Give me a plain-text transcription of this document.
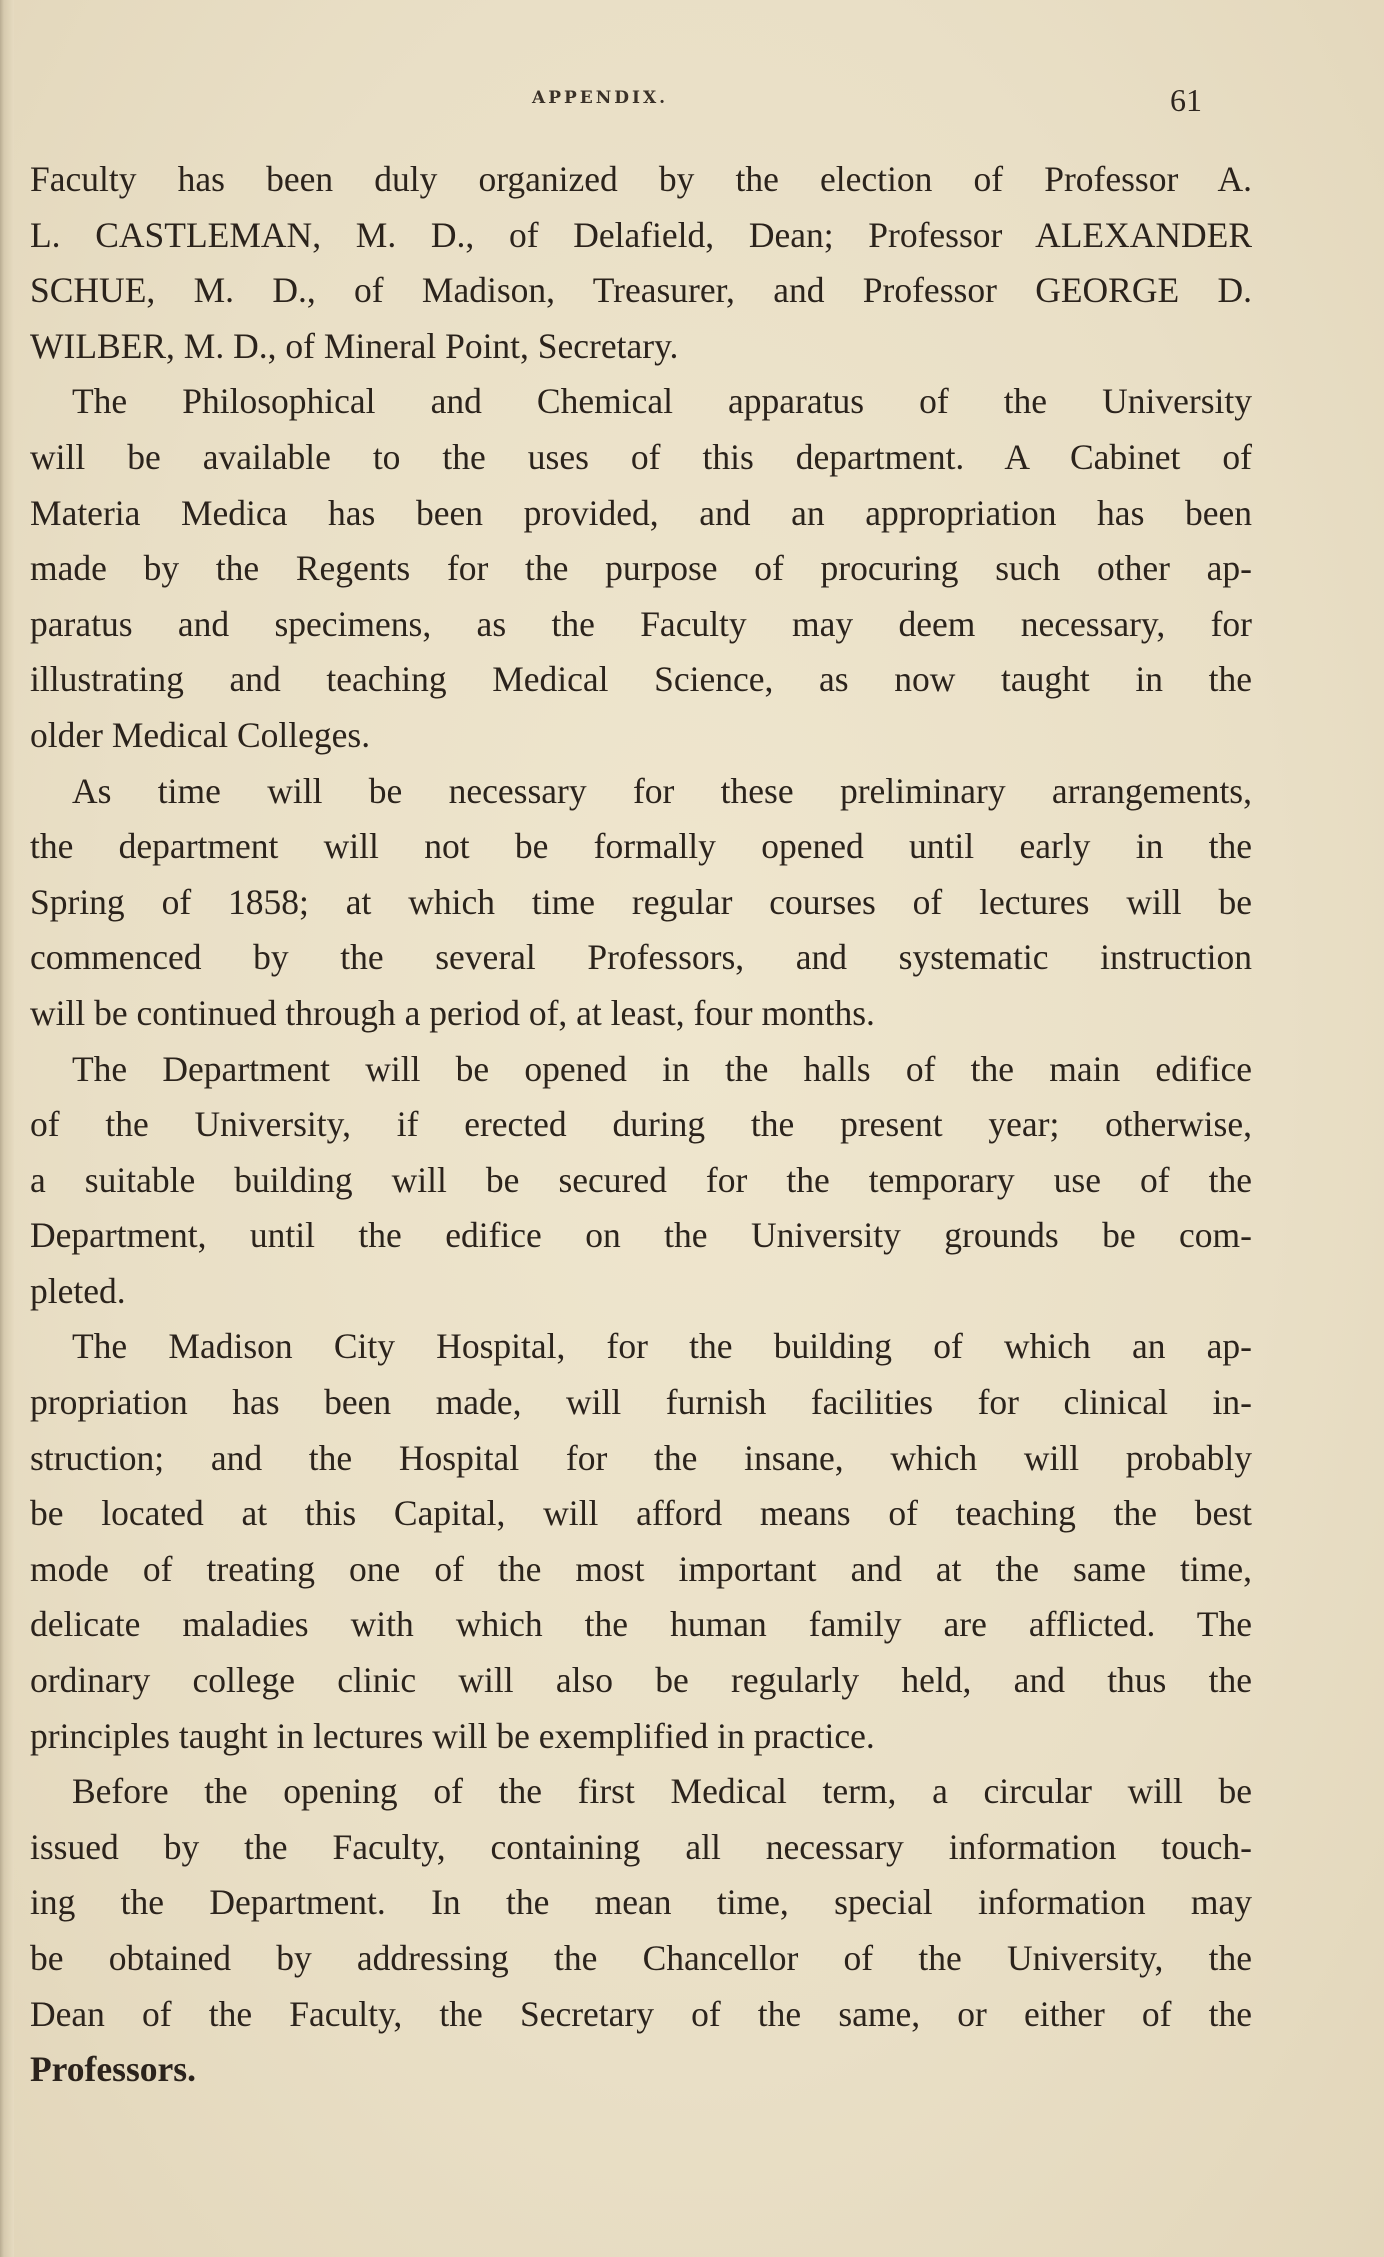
APPENDIX.	61
Faculty has been duly organized by the election of Professor A.
L. CASTLEMAN, M. D., of Delafield, Dean; Professor ALEXANDER
SCHUE, M. D., of Madison, Treasurer, and Professor GEORGE D.
WILBER, M. D., of Mineral Point, Secretary.
The Philosophical and Chemical apparatus of the University
will be available to the uses of this department. A Cabinet of
Materia Medica has been provided, and an appropriation has been
made by the Regents for the purpose of procuring such other ap-
paratus and specimens, as the Faculty may deem necessary, for
illustrating and teaching Medical Science, as now taught in the
older Medical Colleges.
As time will be necessary for these preliminary arrangements,
the department will not be formally opened until early in the
Spring of 1858; at which time regular courses of lectures will be
commenced by the several Professors, and systematic instruction
will be continued through a period of, at least, four months.
The Department will be opened in the halls of the main edifice
of the University, if erected during the present year; otherwise,
a suitable building will be secured for the temporary use of the
Department, until the edifice on the University grounds be com-
pleted.
The Madison City Hospital, for the building of which an ap-
propriation has been made, will furnish facilities for clinical in-
struction; and the Hospital for the insane, which will probably
be located at this Capital, will afford means of teaching the best
mode of treating one of the most important and at the same time,
delicate maladies with which the human family are afflicted. The
ordinary college clinic will also be regularly held, and thus the
principles taught in lectures will be exemplified in practice.
Before the opening of the first Medical term, a circular will be
issued by the Faculty, containing all necessary information touch-
ing the Department. In the mean time, special information may
be obtained by addressing the Chancellor of the University, the
Dean of the Faculty, the Secretary of the same, or either of the
Professors.
